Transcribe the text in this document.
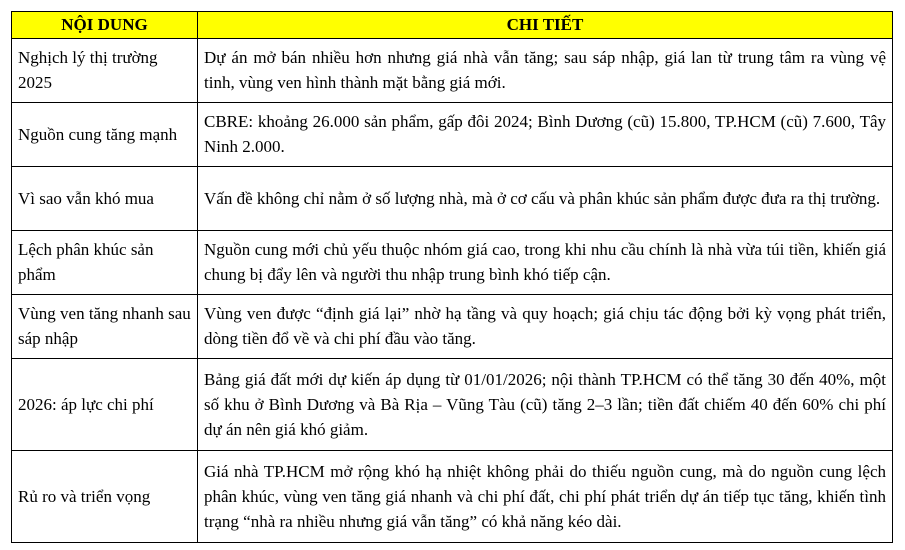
NỘI DUNG	CHI TIẾT
Nghịch lý thị trường 2025	Dự án mở bán nhiều hơn nhưng giá nhà vẫn tăng; sau sáp nhập, giá lan từ trung tâm ra vùng vệ tinh, vùng ven hình thành mặt bằng giá mới.
Nguồn cung tăng mạnh	CBRE: khoảng 26.000 sản phẩm, gấp đôi 2024; Bình Dương (cũ) 15.800, TP.HCM (cũ) 7.600, Tây Ninh 2.000.
Vì sao vẫn khó mua	Vấn đề không chỉ nằm ở số lượng nhà, mà ở cơ cấu và phân khúc sản phẩm được đưa ra thị trường.
Lệch phân khúc sản phẩm	Nguồn cung mới chủ yếu thuộc nhóm giá cao, trong khi nhu cầu chính là nhà vừa túi tiền, khiến giá chung bị đẩy lên và người thu nhập trung bình khó tiếp cận.
Vùng ven tăng nhanh sau sáp nhập	Vùng ven được “định giá lại” nhờ hạ tầng và quy hoạch; giá chịu tác động bởi kỳ vọng phát triển, dòng tiền đổ về và chi phí đầu vào tăng.
2026: áp lực chi phí	Bảng giá đất mới dự kiến áp dụng từ 01/01/2026; nội thành TP.HCM có thể tăng 30 đến 40%, một số khu ở Bình Dương và Bà Rịa – Vũng Tàu (cũ) tăng 2–3 lần; tiền đất chiếm 40 đến 60% chi phí dự án nên giá khó giảm.
Rủ ro và triển vọng	Giá nhà TP.HCM mở rộng khó hạ nhiệt không phải do thiếu nguồn cung, mà do nguồn cung lệch phân khúc, vùng ven tăng giá nhanh và chi phí đất, chi phí phát triển dự án tiếp tục tăng, khiến tình trạng “nhà ra nhiều nhưng giá vẫn tăng” có khả năng kéo dài.
